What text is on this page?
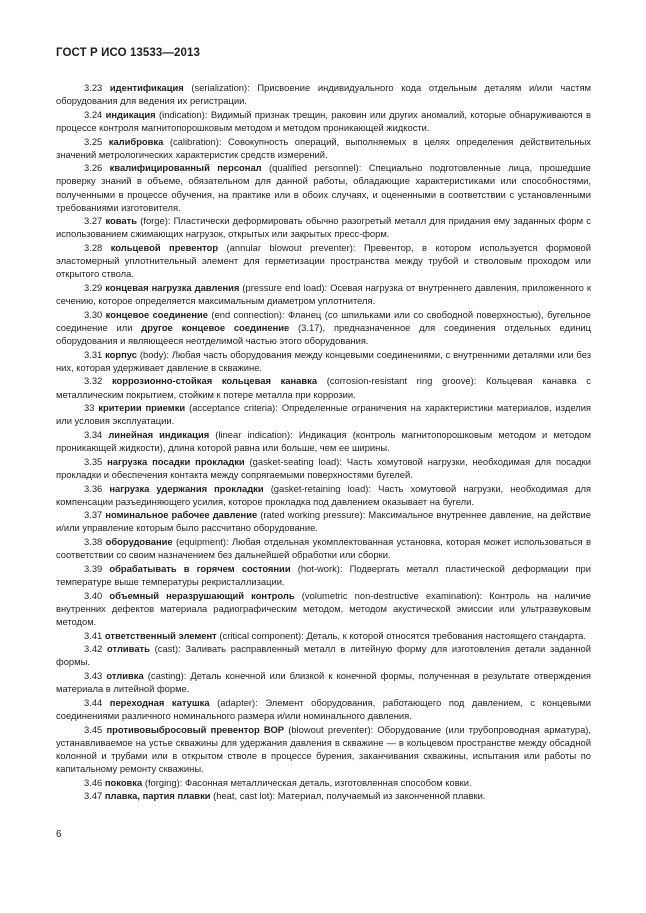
ГОСТ Р ИСО 13533—2013

3.23 идентификация (serialization): Присвоение индивидуального кода отдельным деталям и/или частям оборудования для ведения их регистрации.

3.24 индикация (indication): Видимый признак трещин, раковин или других аномалий, которые обнаруживаются в процессе контроля магнитопорошковым методом и методом проникающей жидкости.

3.25 калибровка (calibration): Совокупность операций, выполняемых в целях определения действительных значений метрологических характеристик средств измерений.

3.26 квалифицированный персонал (qualified personnel): Специально подготовленные лица, прошедшие проверку знаний в объеме, обязательном для данной работы, обладающие характеристиками или способностями, полученными в процессе обучения, на практике или в обоих случаях, и оцененными в соответствии с установленными требованиями изготовителя.

3.27 ковать (forge): Пластически деформировать обычно разогретый металл для придания ему заданных форм с использованием сжимающих нагрузок, открытых или закрытых пресс-форм.

3.28 кольцевой превентор (annular blowout preventer): Превентор, в котором используется формовой эластомерный уплотнительный элемент для герметизации пространства между трубой и стволовым проходом или открытого ствола.

3.29 концевая нагрузка давления (pressure end load): Осевая нагрузка от внутреннего давления, приложенного к сечению, которое определяется максимальным диаметром уплотнителя.

3.30 концевое соединение (end connection): Фланец (со шпильками или со свободной поверхностью), бугельное соединение или другое концевое соединение (3.17), предназначенное для соединения отдельных единиц оборудования и являющееся неотделимой частью этого оборудования.

3.31 корпус (body): Любая часть оборудования между концевыми соединениями, с внутренними деталями или без них, которая удерживает давление в скважине.

3.32 коррозионно-стойкая кольцевая канавка (corrosion-resistant ring groove): Кольцевая канавка с металлическим покрытием, стойким к потере металла при коррозии.

33 критерии приемки (acceptance criteria): Определенные ограничения на характеристики материалов, изделия или условия эксплуатации.

3.34 линейная индикация (linear indication): Индикация (контроль магнитопорошковым методом и методом проникающей жидкости), длина которой равна или больше, чем ее ширины.

3.35 нагрузка посадки прокладки (gasket-seating load): Часть хомутовой нагрузки, необходимая для посадки прокладки и обеспечения контакта между сопрягаемыми поверхностями бугелей.

3.36 нагрузка удержания прокладки (gasket-retaining load): Часть хомутовой нагрузки, необходимая для компенсации разъединяющего усилия, которое прокладка под давлением оказывает на бугели.

3.37 номинальное рабочее давление (rated working pressure): Максимальное внутреннее давление, на действие и/или управление которым было рассчитано оборудование.

3.38 оборудование (equipment): Любая отдельная укомплектованная установка, которая может использоваться в соответствии со своим назначением без дальнейшей обработки или сборки.

3.39 обрабатывать в горячем состоянии (hot-work): Подвергать металл пластической деформации при температуре выше температуры рекристаллизации.

3.40 объемный неразрушающий контроль (volumetric non-destructive examination): Контроль на наличие внутренних дефектов материала радиографическим методом, методом акустической эмиссии или ультразвуковым методом.

3.41 ответственный элемент (critical component): Деталь, к которой относятся требования настоящего стандарта.

3.42 отливать (cast): Заливать расправленный металл в литейную форму для изготовления детали заданной формы.

3.43 отливка (casting): Деталь конечной или близкой к конечной формы, полученная в результате отверждения материала в литейной форме.

3.44 переходная катушка (adapter): Элемент оборудования, работающего под давлением, с концевыми соединениями различного номинального размера и/или номинального давления.

3.45 противовыбросовый превентор ВОР (blowout preventer): Оборудование (или трубопроводная арматура), устанавливаемое на устье скважины для удержания давления в скважине — в кольцевом пространстве между обсадной колонной и трубами или в открытом стволе в процессе бурения, заканчивания скважины, испытания или работы по капитальному ремонту скважины.

3.46 поковка (forging): Фасонная металлическая деталь, изготовленная способом ковки.

3.47 плавка, партия плавки (heat, cast lot): Материал, получаемый из законченной плавки.

6
